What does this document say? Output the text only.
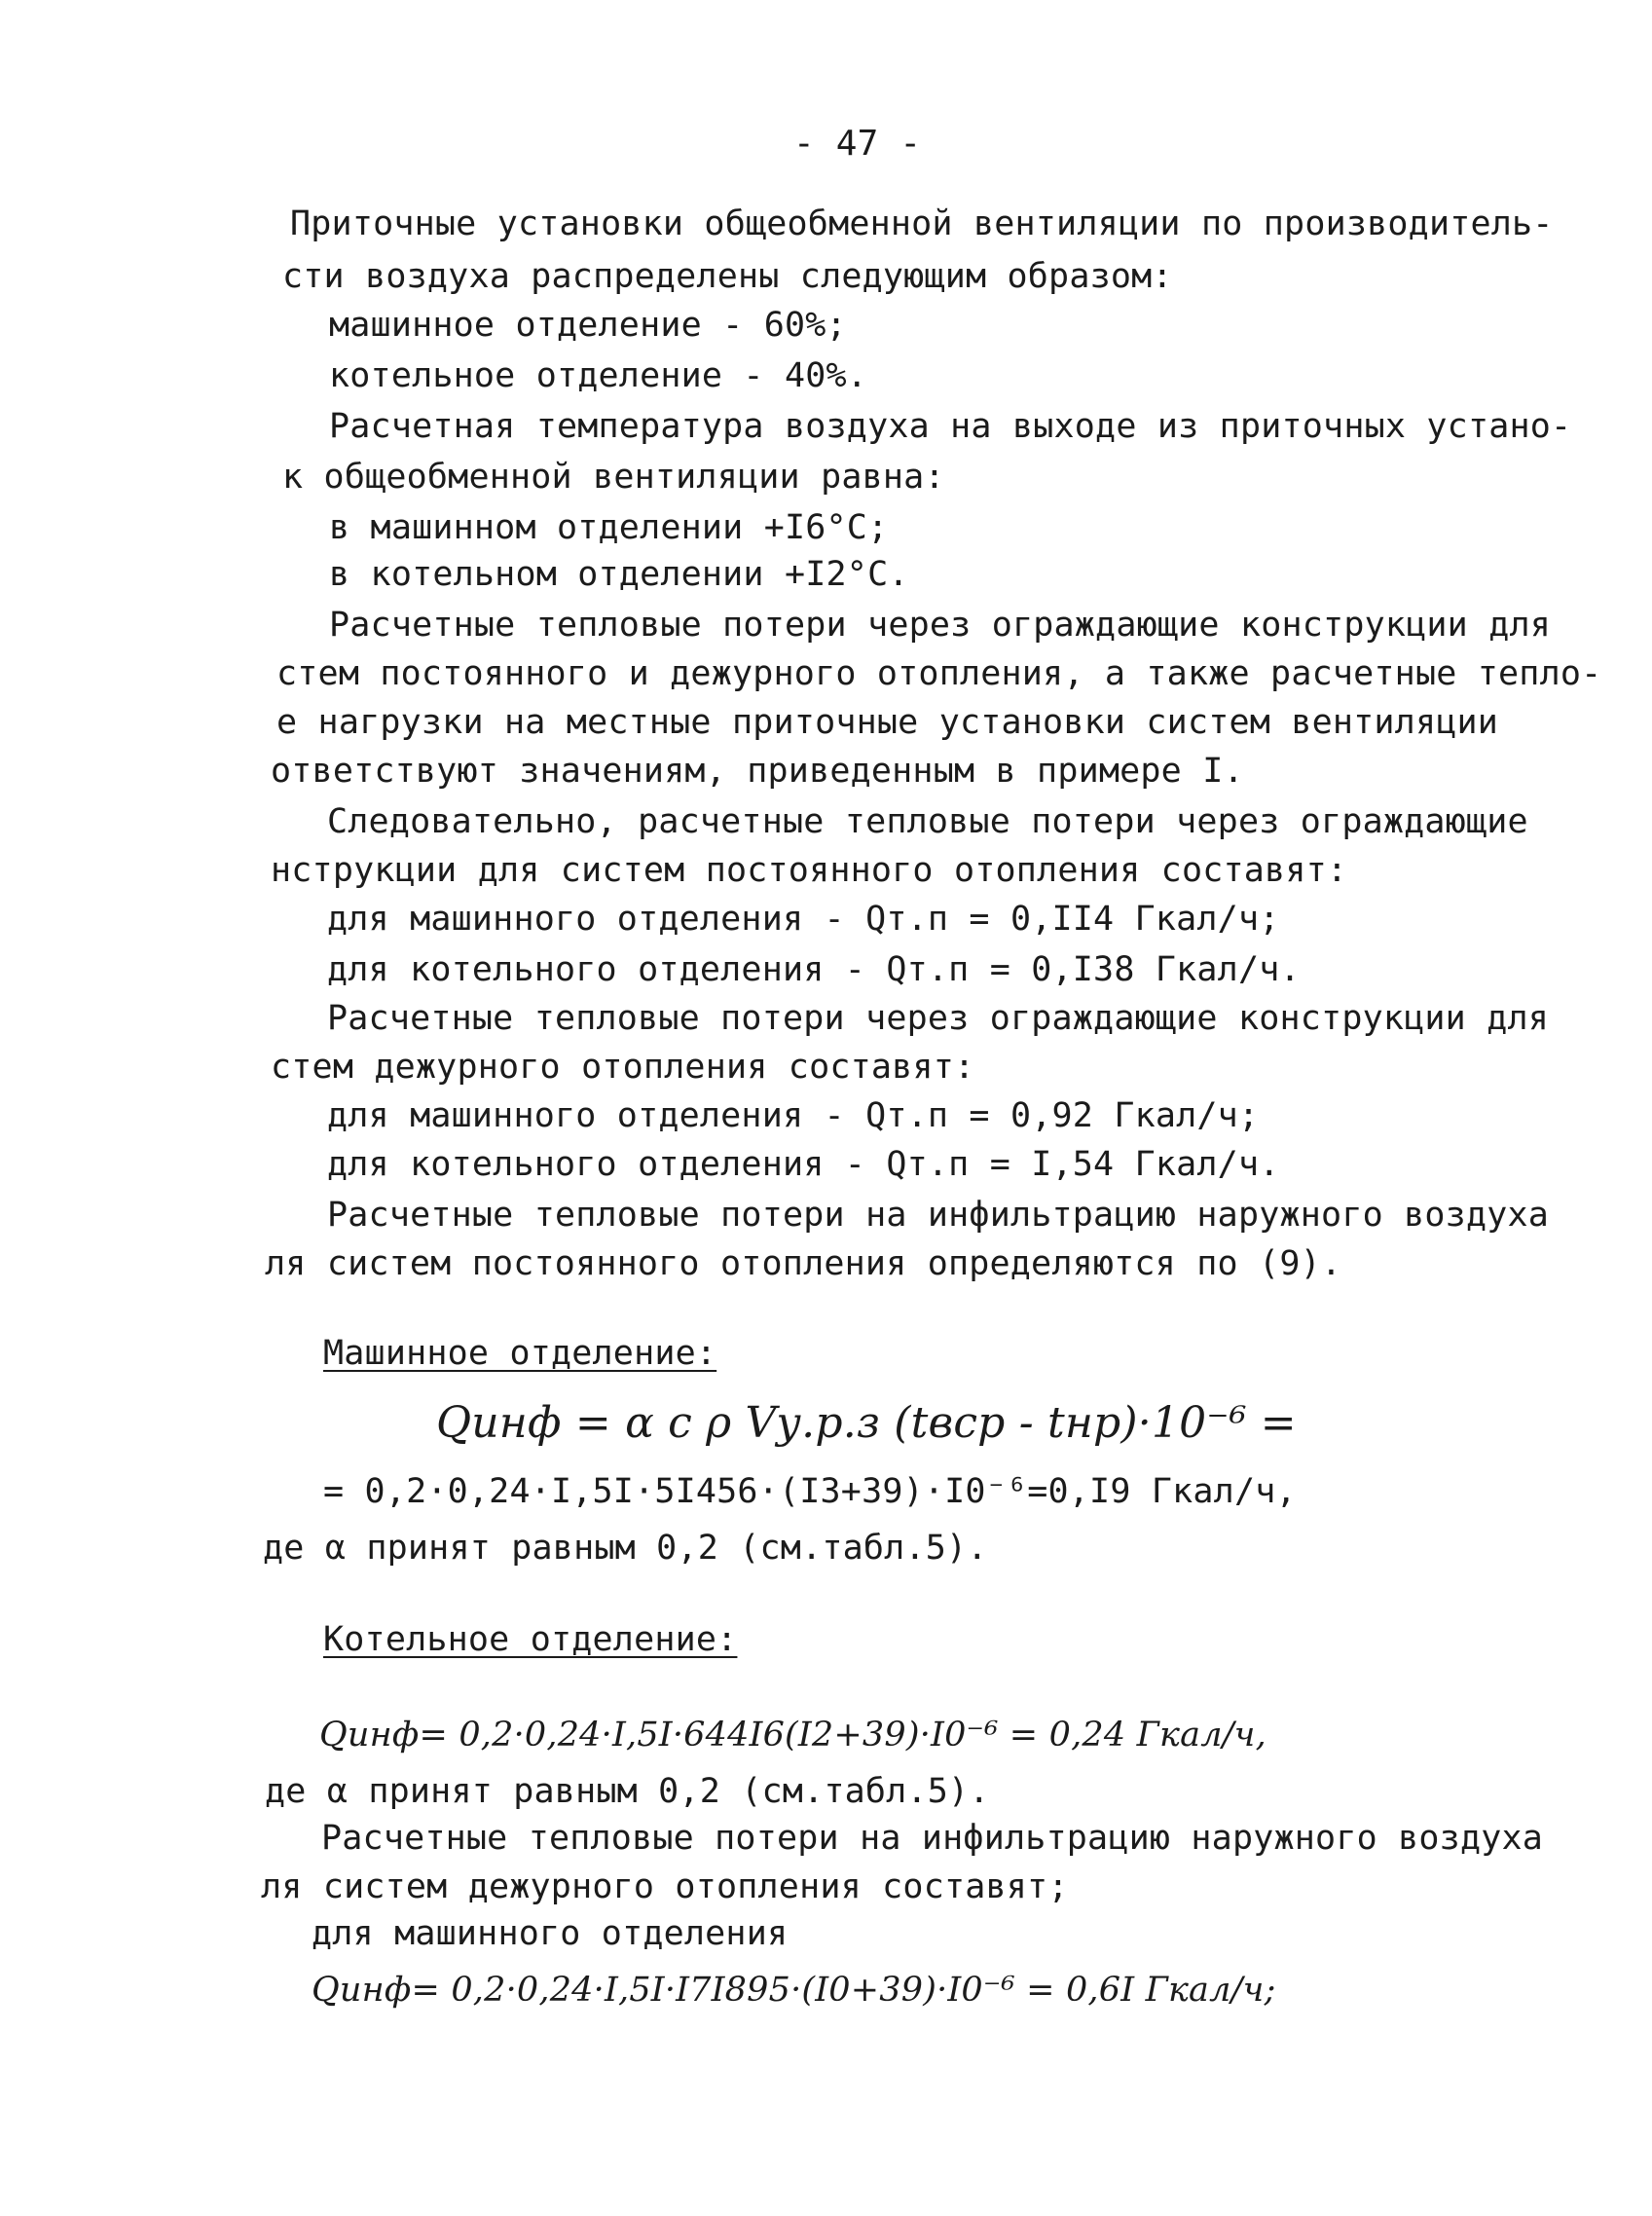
- 47 -
Приточные установки общеобменной вентиляции по производитель-
сти воздуха распределены следующим образом:
машинное отделение - 60%;
котельное отделение - 40%.
Расчетная температура воздуха на выходе из приточных устано-
к общеобменной вентиляции равна:
в машинном отделении +I6°С;
в котельном отделении +I2°С.
Расчетные тепловые потери через ограждающие конструкции для
стем постоянного и дежурного отопления, а также расчетные тепло-
е нагрузки на местные приточные установки систем вентиляции
ответствуют значениям, приведенным в примере I.
Следовательно, расчетные тепловые потери через ограждающие
нструкции для систем постоянного отопления составят:
для машинного отделения - Qт.п = 0,II4 Гкал/ч;
для котельного отделения - Qт.п = 0,I38 Гкал/ч.
Расчетные тепловые потери через ограждающие конструкции для
стем дежурного отопления составят:
для машинного отделения - Qт.п = 0,92 Гкал/ч;
для котельного отделения - Qт.п = I,54 Гкал/ч.
Расчетные тепловые потери на инфильтрацию наружного воздуха
ля систем постоянного отопления определяются по (9).
Машинное отделение:
Qинф = α c ρ Vу.р.з (tвср - tнр)·10⁻⁶ =
= 0,2·0,24·I,5I·5I456·(I3+39)·I0⁻⁶=0,I9 Гкал/ч,
де α принят равным 0,2 (см.табл.5).
Котельное отделение:
Qинф= 0,2·0,24·I,5I·644I6(I2+39)·I0⁻⁶ = 0,24 Гкал/ч,
де α принят равным 0,2 (см.табл.5).
Расчетные тепловые потери на инфильтрацию наружного воздуха
ля систем дежурного отопления составят;
для машинного отделения
Qинф= 0,2·0,24·I,5I·I7I895·(I0+39)·I0⁻⁶ = 0,6I Гкал/ч;
